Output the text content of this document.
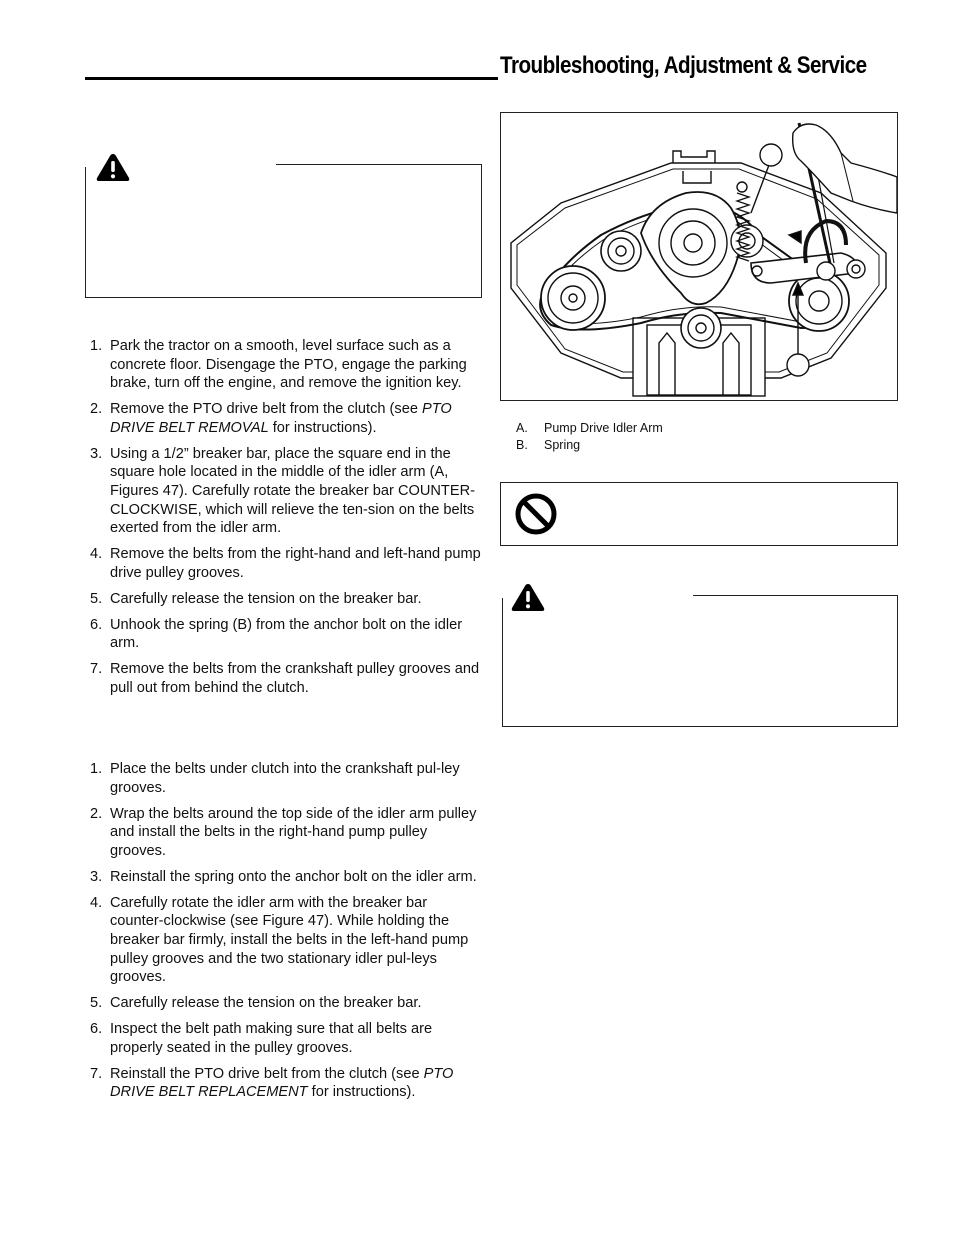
Troubleshooting, Adjustment & Service
1. Park the tractor on a smooth, level surface such as a concrete floor. Disengage the PTO, engage the parking brake, turn off the engine, and remove the ignition key.
2. Remove the PTO drive belt from the clutch (see PTO DRIVE BELT REMOVAL for instructions).
3. Using a 1/2” breaker bar, place the square end in the square hole located in the middle of the idler arm (A, Figures 47). Carefully rotate the breaker bar COUNTER-CLOCKWISE, which will relieve the ten-sion on the belts exerted from the idler arm.
4. Remove the belts from the right-hand and left-hand pump drive pulley grooves.
5. Carefully release the tension on the breaker bar.
6. Unhook the spring (B) from the anchor bolt on the idler arm.
7. Remove the belts from the crankshaft pulley grooves and pull out from behind the clutch.
1. Place the belts under clutch into the crankshaft pul-ley grooves.
2. Wrap the belts around the top side of the idler arm pulley and install the belts in the right-hand pump pulley grooves.
3. Reinstall the spring onto the anchor bolt on the idler arm.
4. Carefully rotate the idler arm with the breaker bar counter-clockwise (see Figure 47). While holding the breaker bar firmly, install the belts in the left-hand pump pulley grooves and the two stationary idler pul-leys grooves.
5. Carefully release the tension on the breaker bar.
6. Inspect the belt path making sure that all belts are properly seated in the pulley grooves.
7. Reinstall the PTO drive belt from the clutch (see PTO DRIVE BELT REPLACEMENT for instructions).
A.	Pump Drive Idler Arm
B.	Spring
